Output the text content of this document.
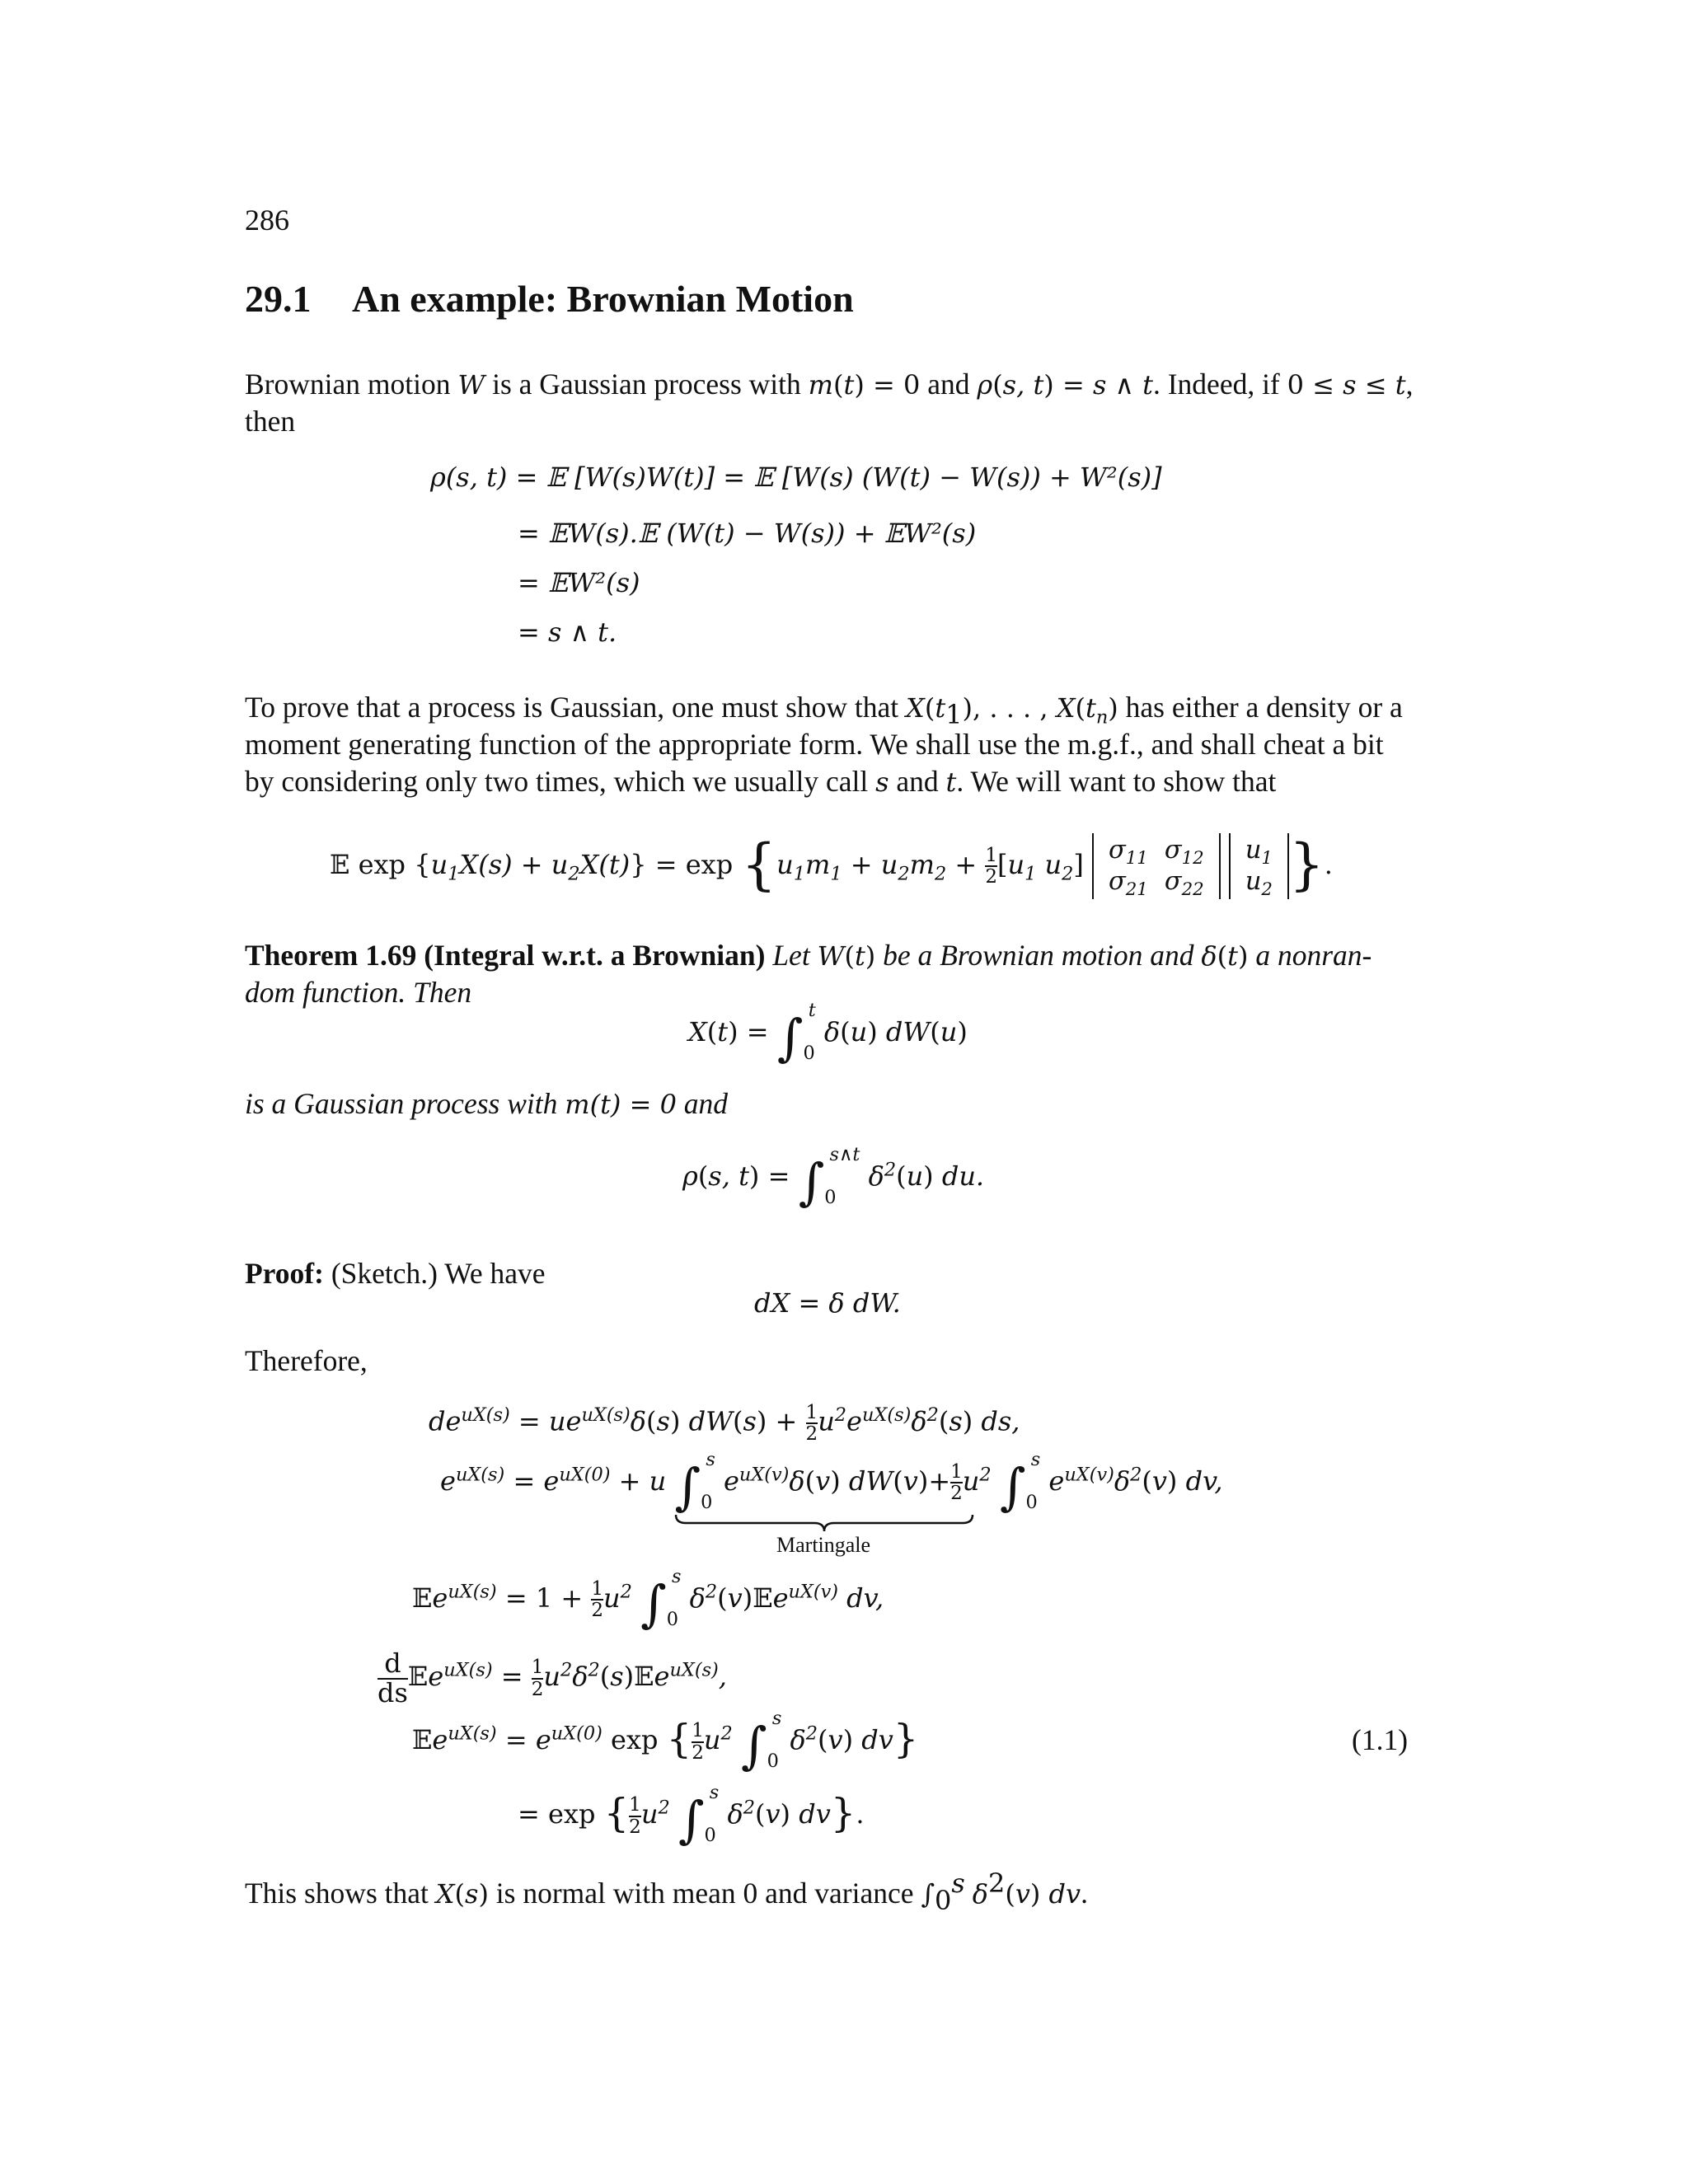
286
29.1 An example: Brownian Motion
Brownian motion W is a Gaussian process with m(t) = 0 and ρ(s, t) = s ∧ t. Indeed, if 0 ≤ s ≤ t,
then
ρ(s, t) = 𝔼 [W(s)W(t)] = 𝔼 [W(s) (W(t) − W(s)) + W²(s)]
= 𝔼W(s).𝔼 (W(t) − W(s)) + 𝔼W²(s)
= 𝔼W²(s)
= s ∧ t.
To prove that a process is Gaussian, one must show that $X(t_1)$, . . . , $X(t_n)$ has either a density or a
moment generating function of the appropriate form. We shall use the m.g.f., and shall cheat a bit
by considering only two times, which we usually call s and t. We will want to show that
𝔼 $\exp \{u_1X(s) + u_2X(t)\} = \exp \{u_1m_1 + u_2m_2 + \frac{1}{2} [u_1$ $u_2$] $\sigma_{11}$	$\sigma_{12}$
$\sigma_{21}$	$\sigma_{22}$

$u_1$
$u_2$ }.
Theorem 1.69 (Integral w.r.t. a Brownian) Let W(t) be a Brownian motion and δ(t) a nonran-
dom function. Then
$X(t) = \int_0^t$ δ(u) dW(u)
is a Gaussian process with m(t) = 0 and
ρ(s, $t) = \int_0^{s\wedge t}$ $\delta^2(u)$ du.
Proof: (Sketch.) We have
dX = δ dW.
Therefore,
$de^{uX(s)} = ue^{uX(s)}\delta(s) dW(s) + \frac{1}{2} u^2e^{uX(s)}\delta^2(s)$ ds,
$e^{uX(s)} = e^{uX(0)} + u$ $\int_0^s$ $e^{uX(v)}\delta(v)$ $dW(v)+ \frac{1}{2} u^2$ $\int_0^s$ $e^{uX(v)}\delta^2(v)$ dv,
Martingale
𝔼e$^{uX(s)}$ = $1 + \frac{1}{2} u^2$ $\int_0^s$ $\delta^2(v)𝔼e^{uX(v)}$ dv,
$\frac{d}{ds}$ 𝔼e$^{uX(s)}$ = $\frac{1}{2}$ $u^2\delta^2(s)𝔼e^{uX(s)}$,
𝔼e$^{uX(s)}$ = $e^{uX(0)}$ exp { $\frac{1}{2} u^2$ $\int_0^s$ $\delta^2(v)$ dv}	(1.1)
= exp { $\frac{1}{2} u^2$ $\int_0^s$ $\delta^2(v)$ dv}.
This shows that X(s) is normal with mean 0 and variance $\int_0^s$ $\delta^2(v)$ dv.
